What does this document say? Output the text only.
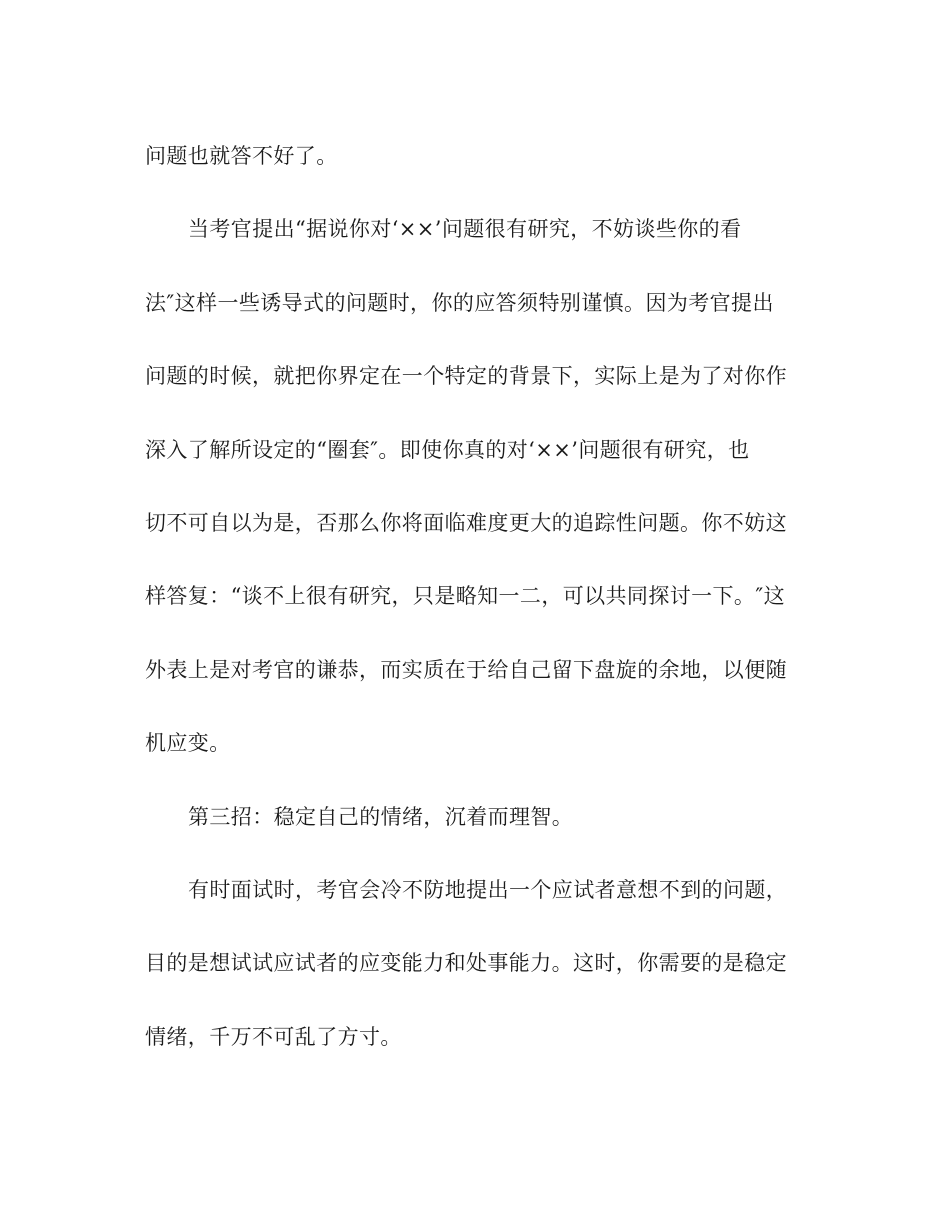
问题也就答不好了。

当考官提出“据说你对‘××’问题很有研究，不妨谈些你的看

法″这样一些诱导式的问题时，你的应答须特别谨慎。因为考官提出

问题的时候，就把你界定在一个特定的背景下，实际上是为了对你作

深入了解所设定的“圈套″。即使你真的对‘××’问题很有研究，也

切不可自以为是，否那么你将面临难度更大的追踪性问题。你不妨这

样答复：“谈不上很有研究，只是略知一二，可以共同探讨一下。″这

外表上是对考官的谦恭，而实质在于给自己留下盘旋的余地，以便随

机应变。

第三招：稳定自己的情绪，沉着而理智。

有时面试时，考官会冷不防地提出一个应试者意想不到的问题，

目的是想试试应试者的应变能力和处事能力。这时，你需要的是稳定

情绪，千万不可乱了方寸。
